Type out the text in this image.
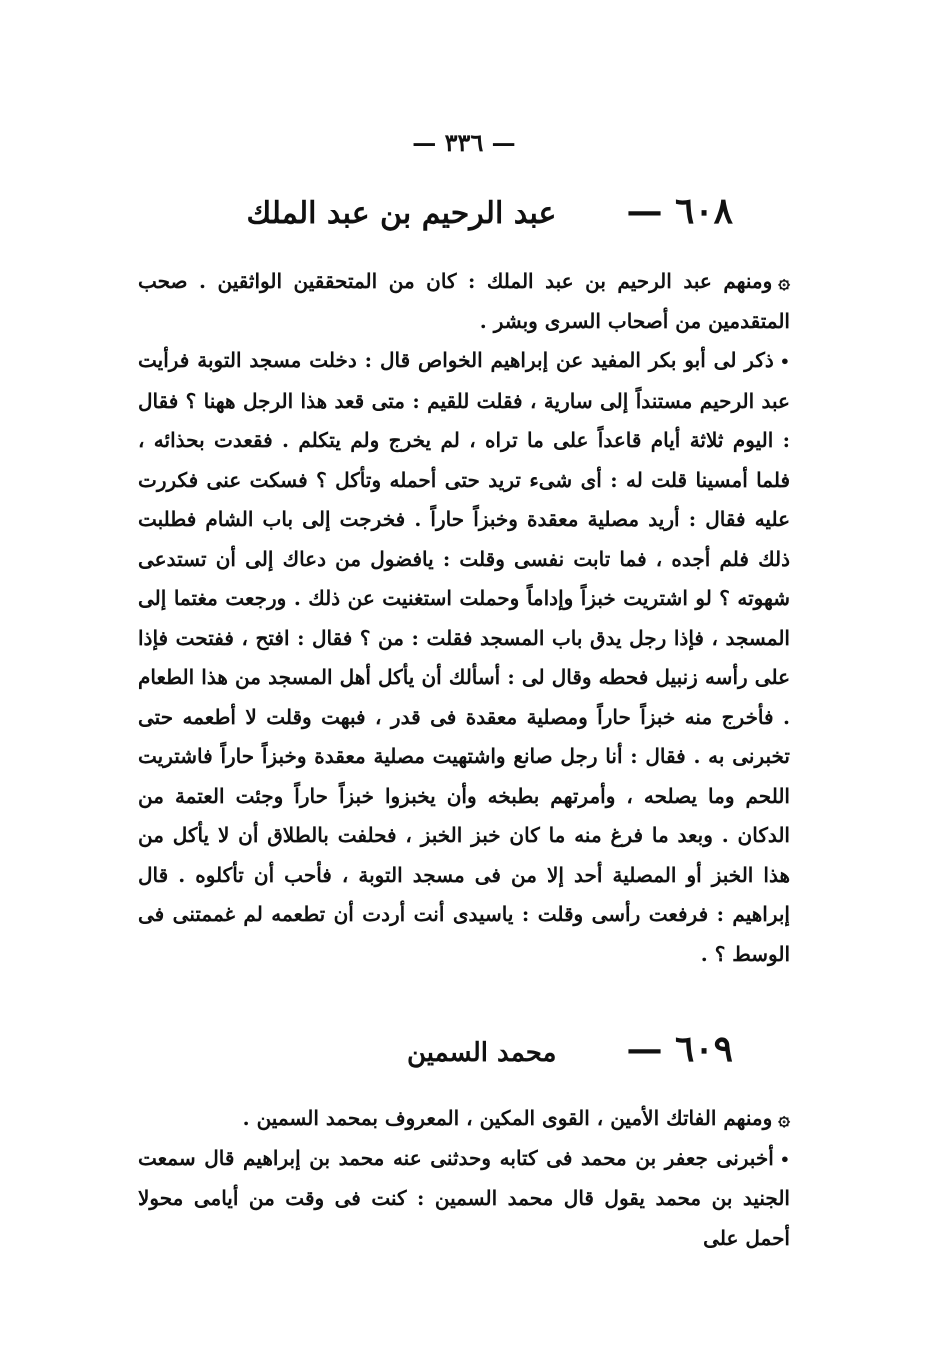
— ٣٣٦ —
٦٠٨ —
عبد الرحيم بن عبد الملك

۞ومنهم عبد الرحيم بن عبد الملك : كان من المتحققين الواثقين . صحب المتقدمين من أصحاب السرى وبشر .

•ذكر لى أبو بكر المفيد عن إبراهيم الخواص قال : دخلت مسجد التوبة فرأيت عبد الرحيم مستنداً إلى سارية ، فقلت للقيم : متى قعد هذا الرجل ههنا ؟ فقال : اليوم ثلاثة أيام قاعداً على ما تراه ، لم يخرج ولم يتكلم . فقعدت بحذائه ، فلما أمسينا قلت له : أى شىء تريد حتى أحمله وتأكل ؟ فسكت عنى فكررت عليه فقال : أريد مصلية معقدة وخبزاً حاراً . فخرجت إلى باب الشام فطلبت ذلك فلم أجده ، فما تابت نفسى وقلت : يافضول من دعاك إلى أن تستدعى شهوته ؟ لو اشتريت خبزاً وإداماً وحملت استغنيت عن ذلك . ورجعت مغتما إلى المسجد ، فإذا رجل يدق باب المسجد فقلت : من ؟ فقال : افتح ، ففتحت فإذا على رأسه زنبيل فحطه وقال لى : أسألك أن يأكل أهل المسجد من هذا الطعام . فأخرج منه خبزاً حاراً ومصلية معقدة فى قدر ، فبهت وقلت لا أطعمه حتى تخبرنى به . فقال : أنا رجل صانع واشتهيت مصلية معقدة وخبزاً حاراً فاشتريت اللحم وما يصلحه ، وأمرتهم بطبخه وأن يخبزوا خبزاً حاراً وجئت العتمة من الدكان . وبعد ما فرغ منه ما كان خبز الخبز ، فحلفت بالطلاق أن لا يأكل من هذا الخبز أو المصلية أحد إلا من فى مسجد التوبة ، فأحب أن تأكلوه . قال إبراهيم : فرفعت رأسى وقلت : ياسيدى أنت أردت أن تطعمه لم غممتنى فى الوسط ؟ .

٦٠٩ —
محمد السمين

۞ومنهم الفاتك الأمين ، القوى المكين ، المعروف بمحمد السمين .

•أخبرنى جعفر بن محمد فى كتابه وحدثنى عنه محمد بن إبراهيم قال سمعت الجنيد بن محمد يقول قال محمد السمين : كنت فى وقت من أيامى محولا أحمل على
